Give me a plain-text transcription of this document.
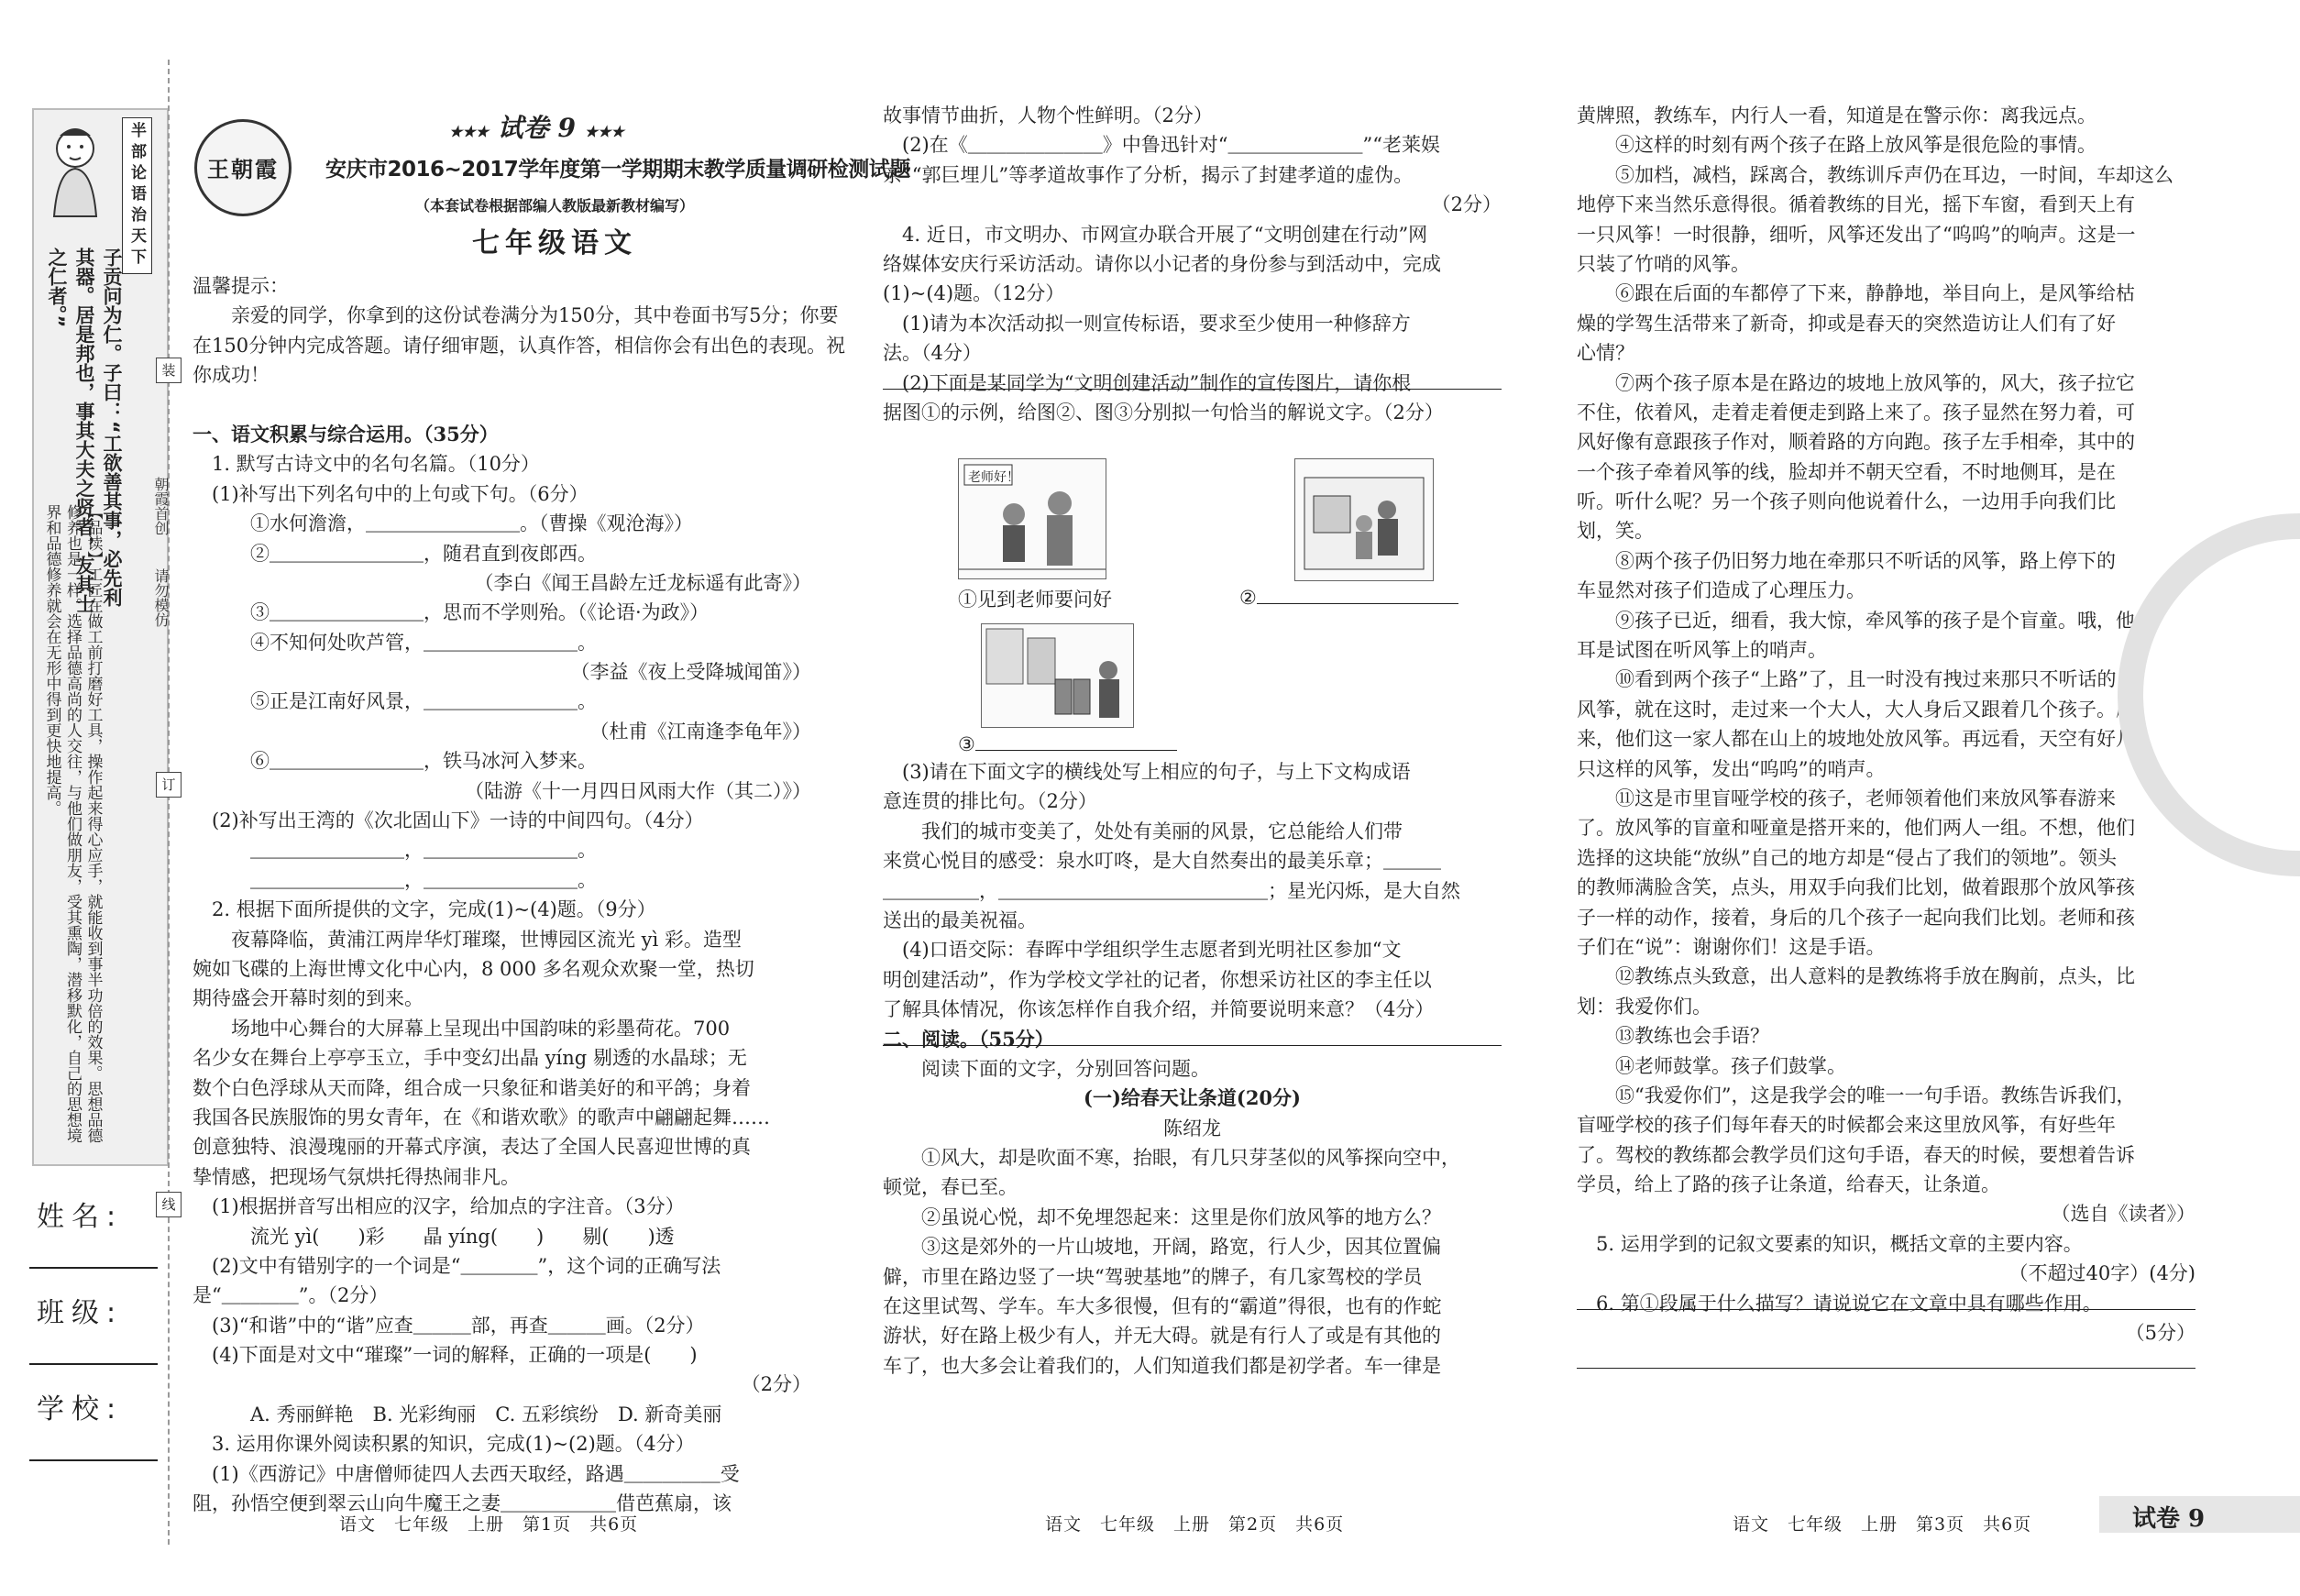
半部论语治天下
子贡问为仁。子曰：“工欲善其事，必先利其器。居是邦也，事其大夫之贤者，友其士之仁者。”
【品读】工匠在做工前打磨好工具，操作起来得心应手，就能收到事半功倍的效果。思想品德修养也是一样。选择品德高尚的人交往，与他们做朋友，受其熏陶，潜移默化，自己的思想境界和品德修养就会在无形中得到更快地提高。
姓名:
班级:
学校:
装
订
线
朝霞首创
请勿模仿
王朝霞
★★★ 试卷 9 ★★★
安庆市2016~2017学年度第一学期期末教学质量调研检测试题
（本套试卷根据部编人教版最新教材编写）
七年级语文
温馨提示：
　　亲爱的同学，你拿到的这份试卷满分为150分，其中卷面书写5分；你要
在150分钟内完成答题。请仔细审题，认真作答，相信你会有出色的表现。祝
你成功！
一、语文积累与综合运用。（35分）
　1. 默写古诗文中的名句名篇。（10分）
　(1)补写出下列名句中的上句或下句。（6分）
　　　①水何澹澹，＿＿＿＿＿＿＿＿。（曹操《观沧海》）
　　　②＿＿＿＿＿＿＿＿，随君直到夜郎西。
（李白《闻王昌龄左迁龙标遥有此寄》）
　　　③＿＿＿＿＿＿＿＿，思而不学则殆。（《论语·为政》）
　　　④不知何处吹芦管，＿＿＿＿＿＿＿＿。
（李益《夜上受降城闻笛》）
　　　⑤正是江南好风景，＿＿＿＿＿＿＿＿。
（杜甫《江南逢李龟年》）
　　　⑥＿＿＿＿＿＿＿＿，铁马冰河入梦来。
（陆游《十一月四日风雨大作（其二）》）
　(2)补写出王湾的《次北固山下》一诗的中间四句。（4分）
　　　＿＿＿＿＿＿＿＿，＿＿＿＿＿＿＿＿。
　　　＿＿＿＿＿＿＿＿，＿＿＿＿＿＿＿＿。
　2. 根据下面所提供的文字，完成(1)~(4)题。（9分）
　　夜幕降临，黄浦江两岸华灯璀璨，世博园区流光 yì 彩。造型
婉如飞碟的上海世博文化中心内，8 000 多名观众欢聚一堂，热切
期待盛会开幕时刻的到来。
　　场地中心舞台的大屏幕上呈现出中国韵味的彩墨荷花。700
名少女在舞台上亭亭玉立，手中变幻出晶 yíng 剔透的水晶球；无
数个白色浮球从天而降，组合成一只象征和谐美好的和平鸽；身着
我国各民族服饰的男女青年，在《和谐欢歌》的歌声中翩翩起舞……
创意独特、浪漫瑰丽的开幕式序演，表达了全国人民喜迎世博的真
挚情感，把现场气氛烘托得热闹非凡。
　(1)根据拼音写出相应的汉字，给加点的字注音。（3分）
　　　流光 yì(　　)彩　　晶 yíng(　　)　　剔(　　)透
　(2)文中有错别字的一个词是“＿＿＿＿”，这个词的正确写法
是“＿＿＿＿”。（2分）
　(3)“和谐”中的“谐”应查＿＿＿部，再查＿＿＿画。（2分）
　(4)下面是对文中“璀璨”一词的解释，正确的一项是(　　)
（2分）
　　　A. 秀丽鲜艳　B. 光彩绚丽　C. 五彩缤纷　D. 新奇美丽
　3. 运用你课外阅读积累的知识，完成(1)~(2)题。（4分）
　(1)《西游记》中唐僧师徒四人去西天取经，路遇＿＿＿＿＿受
阻，孙悟空便到翠云山向牛魔王之妻＿＿＿＿＿＿借芭蕉扇，该
故事情节曲折，人物个性鲜明。（2分）
　(2)在《＿＿＿＿＿＿＿》中鲁迅针对“＿＿＿＿＿＿＿”“老莱娱
亲”“郭巨埋儿”等孝道故事作了分析，揭示了封建孝道的虚伪。
（2分）
　4. 近日，市文明办、市网宣办联合开展了“文明创建在行动”网
络媒体安庆行采访活动。请你以小记者的身份参与到活动中，完成
(1)~(4)题。（12分）
　(1)请为本次活动拟一则宣传标语，要求至少使用一种修辞方
法。（4分）
　(2)下面是某同学为“文明创建活动”制作的宣传图片，请你根
据图①的示例，给图②、图③分别拟一句恰当的解说文字。（2分）
老师好！
①见到老师要问好	②
③
　(3)请在下面文字的横线处写上相应的句子，与上下文构成语
意连贯的排比句。（2分）
　　我们的城市变美了，处处有美丽的风景，它总能给人们带
来赏心悦目的感受：泉水叮咚，是大自然奏出的最美乐章；＿＿＿
＿＿＿＿＿，＿＿＿＿＿＿＿＿＿＿＿＿＿＿；星光闪烁，是大自然
送出的最美祝福。
　(4)口语交际：春晖中学组织学生志愿者到光明社区参加“文
明创建活动”，作为学校文学社的记者，你想采访社区的李主任以
了解具体情况，你该怎样作自我介绍，并简要说明来意？（4分）
二、阅读。（55分）
　　阅读下面的文字，分别回答问题。
(一)给春天让条道(20分)
陈绍龙
　　①风大，却是吹面不寒，抬眼，有几只芽茎似的风筝探向空中，
顿觉，春已至。
　　②虽说心悦，却不免埋怨起来：这里是你们放风筝的地方么？
　　③这是郊外的一片山坡地，开阔，路宽，行人少，因其位置偏
僻，市里在路边竖了一块“驾驶基地”的牌子，有几家驾校的学员
在这里试驾、学车。车大多很慢，但有的“霸道”得很，也有的作蛇
游状，好在路上极少有人，并无大碍。就是有行人了或是有其他的
车了，也大多会让着我们的，人们知道我们都是初学者。车一律是
黄牌照，教练车，内行人一看，知道是在警示你：离我远点。
　　④这样的时刻有两个孩子在路上放风筝是很危险的事情。
　　⑤加档，减档，踩离合，教练训斥声仍在耳边，一时间，车却这么
地停下来当然乐意得很。循着教练的目光，摇下车窗，看到天上有
一只风筝！一时很静，细听，风筝还发出了“呜呜”的响声。这是一
只装了竹哨的风筝。
　　⑥跟在后面的车都停了下来，静静地，举目向上，是风筝给枯
燥的学驾生活带来了新奇，抑或是春天的突然造访让人们有了好
心情？
　　⑦两个孩子原本是在路边的坡地上放风筝的，风大，孩子拉它
不住，依着风，走着走着便走到路上来了。孩子显然在努力着，可
风好像有意跟孩子作对，顺着路的方向跑。孩子左手相牵，其中的
一个孩子牵着风筝的线，脸却并不朝天空看，不时地侧耳，是在
听。听什么呢？另一个孩子则向他说着什么，一边用手向我们比
划，笑。
　　⑧两个孩子仍旧努力地在牵那只不听话的风筝，路上停下的
车显然对孩子们造成了心理压力。
　　⑨孩子已近，细看，我大惊，牵风筝的孩子是个盲童。哦，他侧
耳是试图在听风筝上的哨声。
　　⑩看到两个孩子“上路”了，且一时没有拽过来那只不听话的
风筝，就在这时，走过来一个大人，大人身后又跟着几个孩子。原
来，他们这一家人都在山上的坡地处放风筝。再远看，天空有好几
只这样的风筝，发出“呜呜”的哨声。
　　⑪这是市里盲哑学校的孩子，老师领着他们来放风筝春游来
了。放风筝的盲童和哑童是搭开来的，他们两人一组。不想，他们
选择的这块能“放纵”自己的地方却是“侵占了我们的领地”。领头
的教师满脸含笑，点头，用双手向我们比划，做着跟那个放风筝孩
子一样的动作，接着，身后的几个孩子一起向我们比划。老师和孩
子们在“说”：谢谢你们！这是手语。
　　⑫教练点头致意，出人意料的是教练将手放在胸前，点头，比
划：我爱你们。
　　⑬教练也会手语？
　　⑭老师鼓掌。孩子们鼓掌。
　　⑮“我爱你们”，这是我学会的唯一一句手语。教练告诉我们，
盲哑学校的孩子们每年春天的时候都会来这里放风筝，有好些年
了。驾校的教练都会教学员们这句手语，春天的时候，要想着告诉
学员，给上了路的孩子让条道，给春天，让条道。
（选自《读者》）
　5. 运用学到的记叙文要素的知识，概括文章的主要内容。
（不超过40字）(4分)
　6. 第①段属于什么描写？请说说它在文章中具有哪些作用。
（5分）
语文　七年级　上册　第1页　共6页	语文　七年级　上册　第2页　共6页	语文　七年级　上册　第3页　共6页	试卷 9
